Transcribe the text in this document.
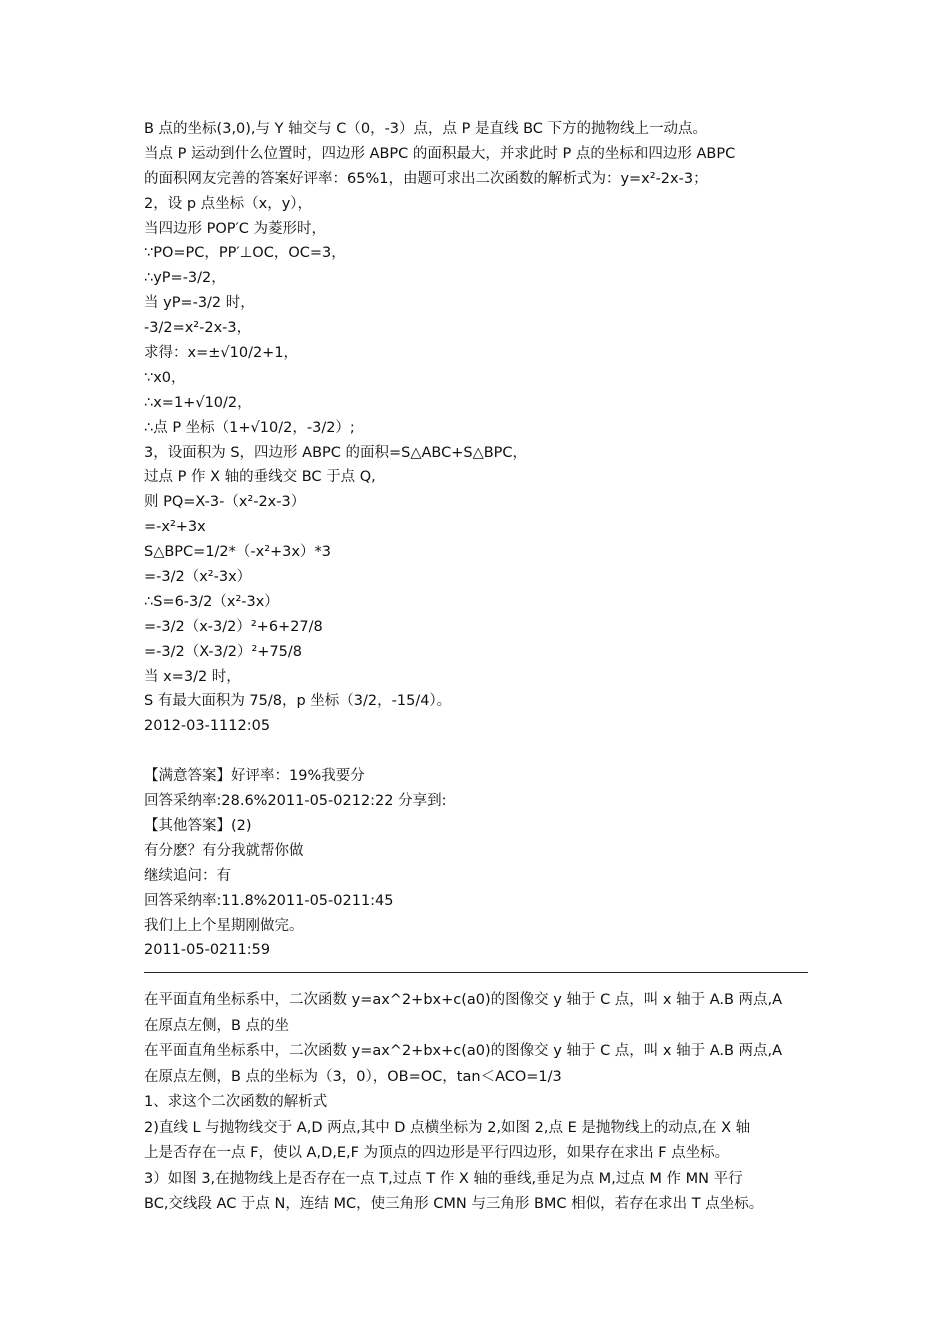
B 点的坐标(3,0),与 Y 轴交与 C（0，-3）点，点 P 是直线 BC 下方的抛物线上一动点。
当点 P 运动到什么位置时，四边形 ABPC 的面积最大，并求此时 P 点的坐标和四边形 ABPC
的面积网友完善的答案好评率：65%1，由题可求出二次函数的解析式为：y=x²-2x-3；
2，设 p 点坐标（x，y），
当四边形 POP′C 为菱形时，
∵PO=PC，PP′⊥OC，OC=3，
∴yP=-3/2，
当 yP=-3/2 时，
-3/2=x²-2x-3，
求得：x=±√10/2+1，
∵x0，
∴x=1+√10/2，
∴点 P 坐标（1+√10/2，-3/2）;
3，设面积为 S，四边形 ABPC 的面积=S△ABC+S△BPC，
过点 P 作 X 轴的垂线交 BC 于点 Q,
则 PQ=X-3-（x²-2x-3）
=-x²+3x
S△BPC=1/2*（-x²+3x）*3
=-3/2（x²-3x）
∴S=6-3/2（x²-3x）
=-3/2（x-3/2）²+6+27/8
=-3/2（X-3/2）²+75/8
当 x=3/2 时，
S 有最大面积为 75/8，p 坐标（3/2，-15/4）。
2012-03-1112:05
【满意答案】好评率：19%我要分
回答采纳率:28.6%2011-05-0212:22 分享到:
【其他答案】(2)
有分麽？有分我就帮你做
继续追问：有
回答采纳率:11.8%2011-05-0211:45
我们上上个星期刚做完。
2011-05-0211:59
在平面直角坐标系中，二次函数 y=ax^2+bx+c(a0)的图像交 y 轴于 C 点，叫 x 轴于 A.B 两点,A
在原点左侧，B 点的坐
在平面直角坐标系中，二次函数 y=ax^2+bx+c(a0)的图像交 y 轴于 C 点，叫 x 轴于 A.B 两点,A
在原点左侧，B 点的坐标为（3，0），OB=OC，tan＜ACO=1/3
1、求这个二次函数的解析式
2)直线 L 与抛物线交于 A,D 两点,其中 D 点横坐标为 2,如图 2,点 E 是抛物线上的动点,在 X 轴
上是否存在一点 F，使以 A,D,E,F 为顶点的四边形是平行四边形，如果存在求出 F 点坐标。
3）如图 3,在抛物线上是否存在一点 T,过点 T 作 X 轴的垂线,垂足为点 M,过点 M 作 MN 平行
BC,交线段 AC 于点 N，连结 MC，使三角形 CMN 与三角形 BMC 相似，若存在求出 T 点坐标。
